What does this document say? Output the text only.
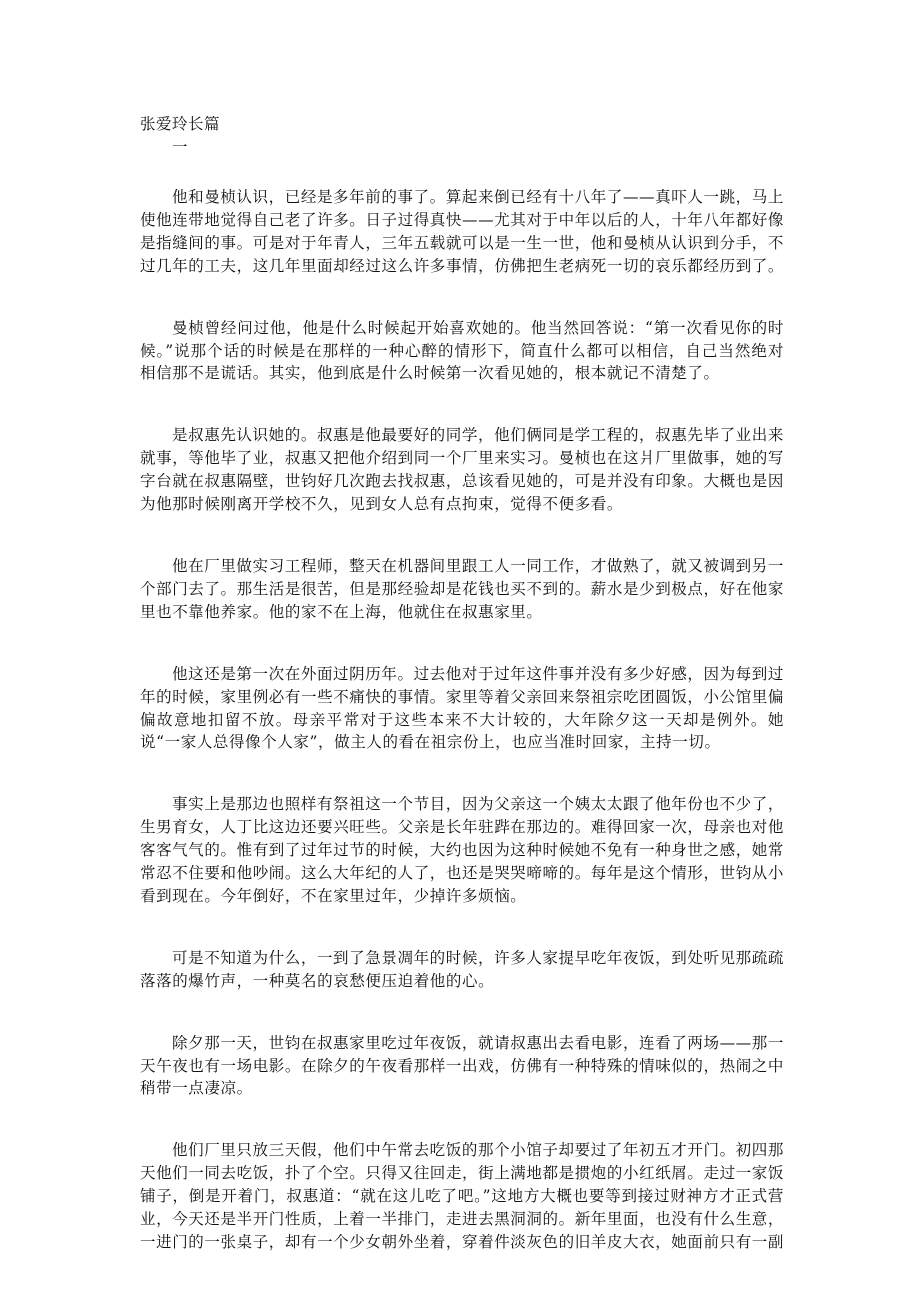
张爱玲长篇
一

他和曼桢认识，已经是多年前的事了。算起来倒已经有十八年了——真吓人一跳，马上使他连带地觉得自己老了许多。日子过得真快——尤其对于中年以后的人，十年八年都好像是指缝间的事。可是对于年青人，三年五载就可以是一生一世，他和曼桢从认识到分手，不过几年的工夫，这几年里面却经过这么许多事情，仿佛把生老病死一切的哀乐都经历到了。

曼桢曾经问过他，他是什么时候起开始喜欢她的。他当然回答说：“第一次看见你的时候。”说那个话的时候是在那样的一种心醉的情形下，简直什么都可以相信，自己当然绝对相信那不是谎话。其实，他到底是什么时候第一次看见她的，根本就记不清楚了。

是叔惠先认识她的。叔惠是他最要好的同学，他们俩同是学工程的，叔惠先毕了业出来就事，等他毕了业，叔惠又把他介绍到同一个厂里来实习。曼桢也在这爿厂里做事，她的写字台就在叔惠隔壁，世钧好几次跑去找叔惠，总该看见她的，可是并没有印象。大概也是因为他那时候刚离开学校不久，见到女人总有点拘束，觉得不便多看。

他在厂里做实习工程师，整天在机器间里跟工人一同工作，才做熟了，就又被调到另一个部门去了。那生活是很苦，但是那经验却是花钱也买不到的。薪水是少到极点，好在他家里也不靠他养家。他的家不在上海，他就住在叔惠家里。

他这还是第一次在外面过阴历年。过去他对于过年这件事并没有多少好感，因为每到过年的时候，家里例必有一些不痛快的事情。家里等着父亲回来祭祖宗吃团圆饭，小公馆里偏偏故意地扣留不放。母亲平常对于这些本来不大计较的，大年除夕这一天却是例外。她说“一家人总得像个人家”，做主人的看在祖宗份上，也应当准时回家，主持一切。

事实上是那边也照样有祭祖这一个节目，因为父亲这一个姨太太跟了他年份也不少了，生男育女，人丁比这边还要兴旺些。父亲是长年驻跸在那边的。难得回家一次，母亲也对他客客气气的。惟有到了过年过节的时候，大约也因为这种时候她不免有一种身世之感，她常常忍不住要和他吵闹。这么大年纪的人了，也还是哭哭啼啼的。每年是这个情形，世钧从小看到现在。今年倒好，不在家里过年，少掉许多烦恼。

可是不知道为什么，一到了急景凋年的时候，许多人家提早吃年夜饭，到处听见那疏疏落落的爆竹声，一种莫名的哀愁便压迫着他的心。

除夕那一天，世钧在叔惠家里吃过年夜饭，就请叔惠出去看电影，连看了两场——那一天午夜也有一场电影。在除夕的午夜看那样一出戏，仿佛有一种特殊的情味似的，热闹之中稍带一点凄凉。

他们厂里只放三天假，他们中午常去吃饭的那个小馆子却要过了年初五才开门。初四那天他们一同去吃饭，扑了个空。只得又往回走，街上满地都是掼炮的小红纸屑。走过一家饭铺子，倒是开着门，叔惠道：“就在这儿吃了吧。”这地方大概也要等到接过财神方才正式营业，今天还是半开门性质，上着一半排门，走进去黑洞洞的。新年里面，也没有什么生意，一进门的一张桌子，却有一个少女朝外坐着，穿着件淡灰色的旧羊皮大衣，她面前只有一副
